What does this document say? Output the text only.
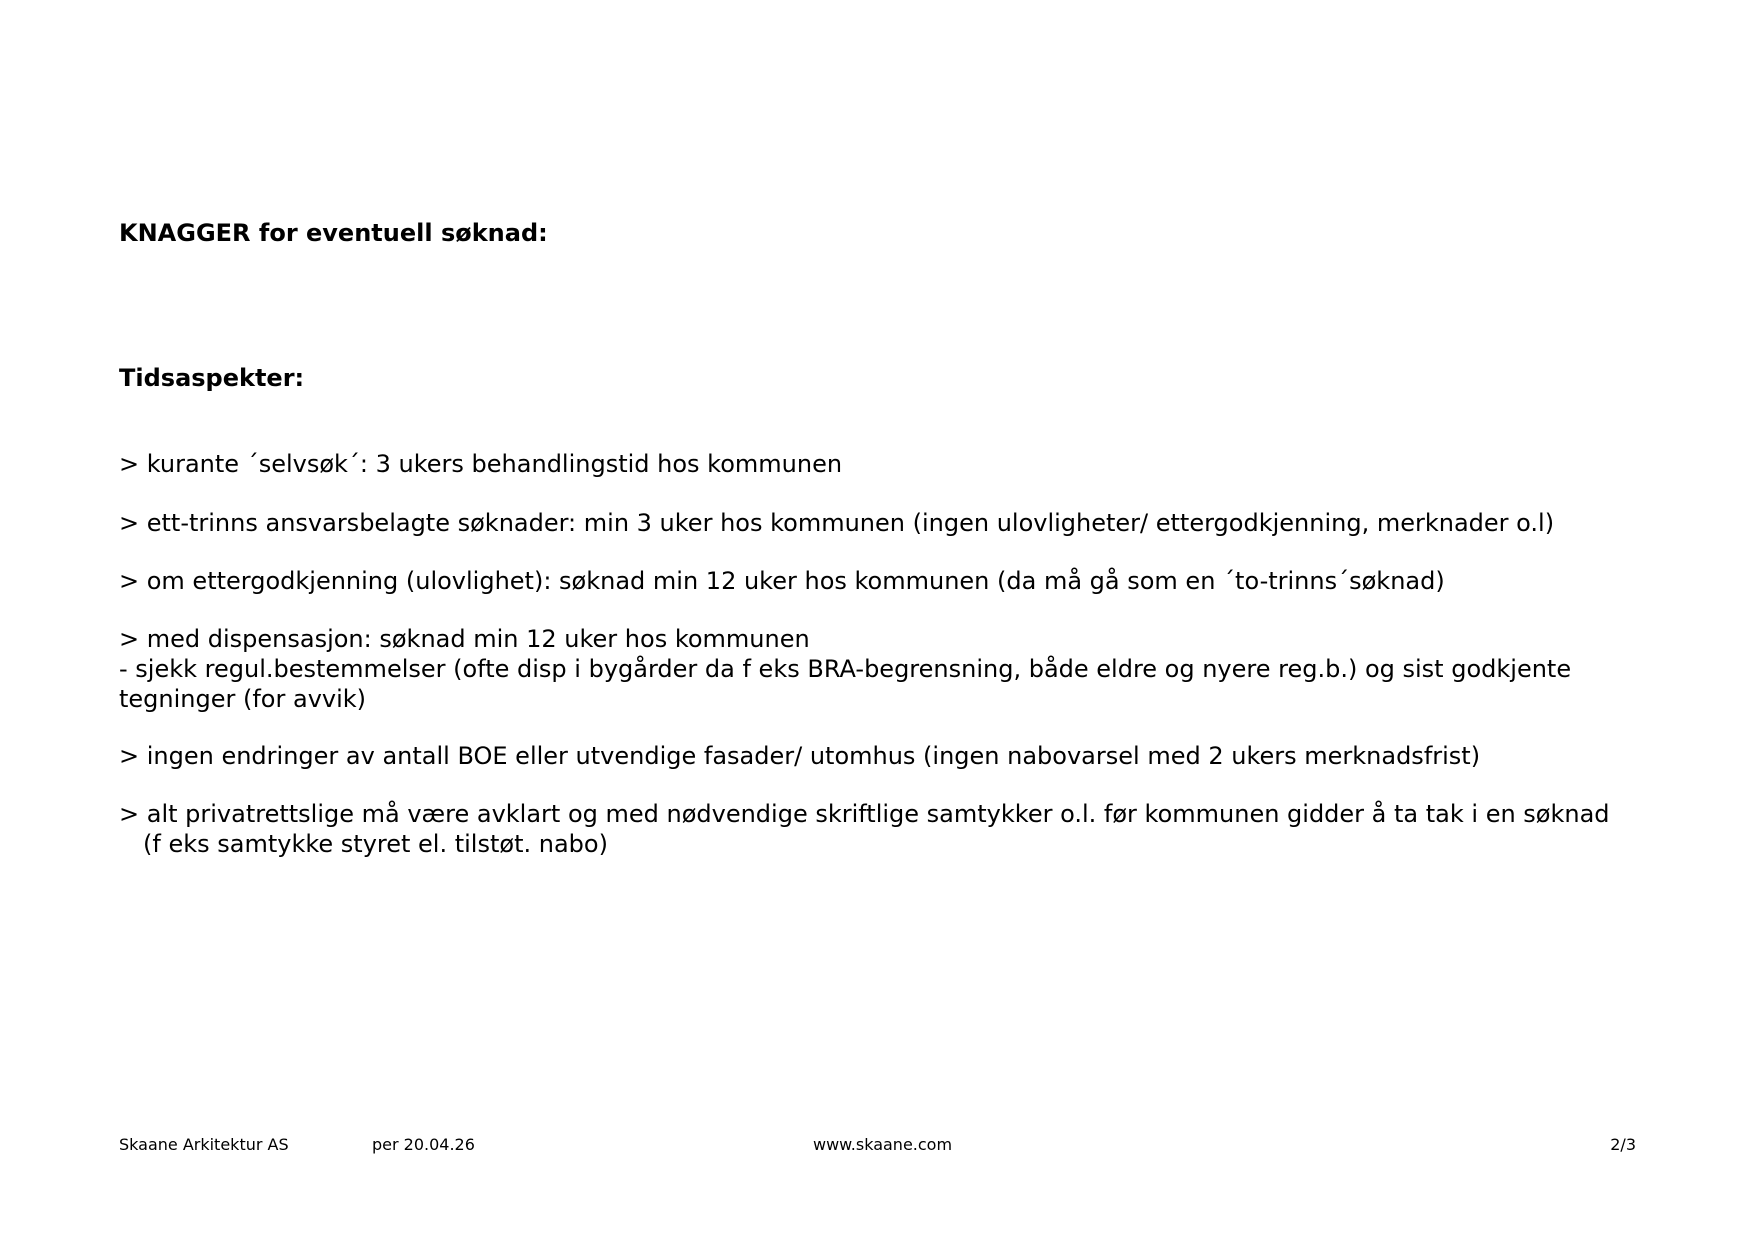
KNAGGER for eventuell søknad:
Tidsaspekter:

> kurante ´selvsøk´: 3 ukers behandlingstid hos kommunen

> ett-trinns ansvarsbelagte søknader: min 3 uker hos kommunen (ingen ulovligheter/ ettergodkjenning, merknader o.l)

> om ettergodkjenning (ulovlighet): søknad min 12 uker hos kommunen (da må gå som en ´to-trinns´søknad)

> med dispensasjon: søknad min 12 uker hos kommunen
- sjekk regul.bestemmelser (ofte disp i bygårder da f eks BRA-begrensning, både eldre og nyere reg.b.) og sist godkjente tegninger (for avvik)

> ingen endringer av antall BOE eller utvendige fasader/ utomhus (ingen nabovarsel med 2 ukers merknadsfrist)

> alt privatrettslige må være avklart og med nødvendige skriftlige samtykker o.l. før kommunen gidder å ta tak i en søknad
(f eks samtykke styret el. tilstøt. nabo)

Skaane Arkitektur AS	per 20.04.26	www.skaane.com	2/3
